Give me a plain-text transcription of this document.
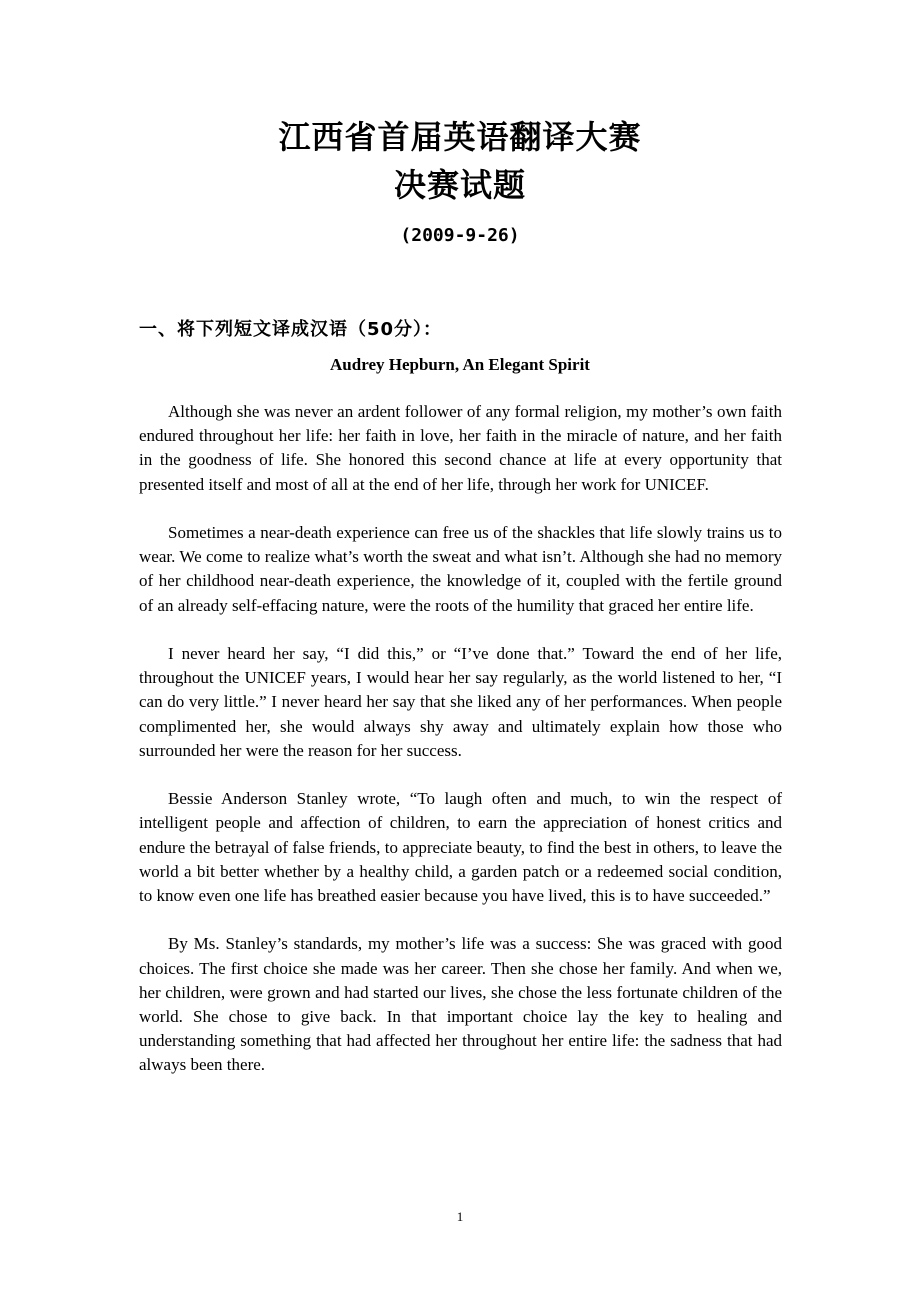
江西省首届英语翻译大赛
决赛试题
(2009-9-26)
一、将下列短文译成汉语（50分）：
Audrey Hepburn, An Elegant Spirit

Although she was never an ardent follower of any formal religion, my mother’s own faith endured throughout her life: her faith in love, her faith in the miracle of nature, and her faith in the goodness of life. She honored this second chance at life at every opportunity that presented itself and most of all at the end of her life, through her work for UNICEF.

Sometimes a near-death experience can free us of the shackles that life slowly trains us to wear. We come to realize what’s worth the sweat and what isn’t. Although she had no memory of her childhood near-death experience, the knowledge of it, coupled with the fertile ground of an already self-effacing nature, were the roots of the humility that graced her entire life.

I never heard her say, “I did this,” or “I’ve done that.” Toward the end of her life, throughout the UNICEF years, I would hear her say regularly, as the world listened to her, “I can do very little.” I never heard her say that she liked any of her performances. When people complimented her, she would always shy away and ultimately explain how those who surrounded her were the reason for her success.

Bessie Anderson Stanley wrote, “To laugh often and much, to win the respect of intelligent people and affection of children, to earn the appreciation of honest critics and endure the betrayal of false friends, to appreciate beauty, to find the best in others, to leave the world a bit better whether by a healthy child, a garden patch or a redeemed social condition, to know even one life has breathed easier because you have lived, this is to have succeeded.”

By Ms. Stanley’s standards, my mother’s life was a success: She was graced with good choices. The first choice she made was her career. Then she chose her family. And when we, her children, were grown and had started our lives, she chose the less fortunate children of the world. She chose to give back. In that important choice lay the key to healing and understanding something that had affected her throughout her entire life: the sadness that had always been there.

1
